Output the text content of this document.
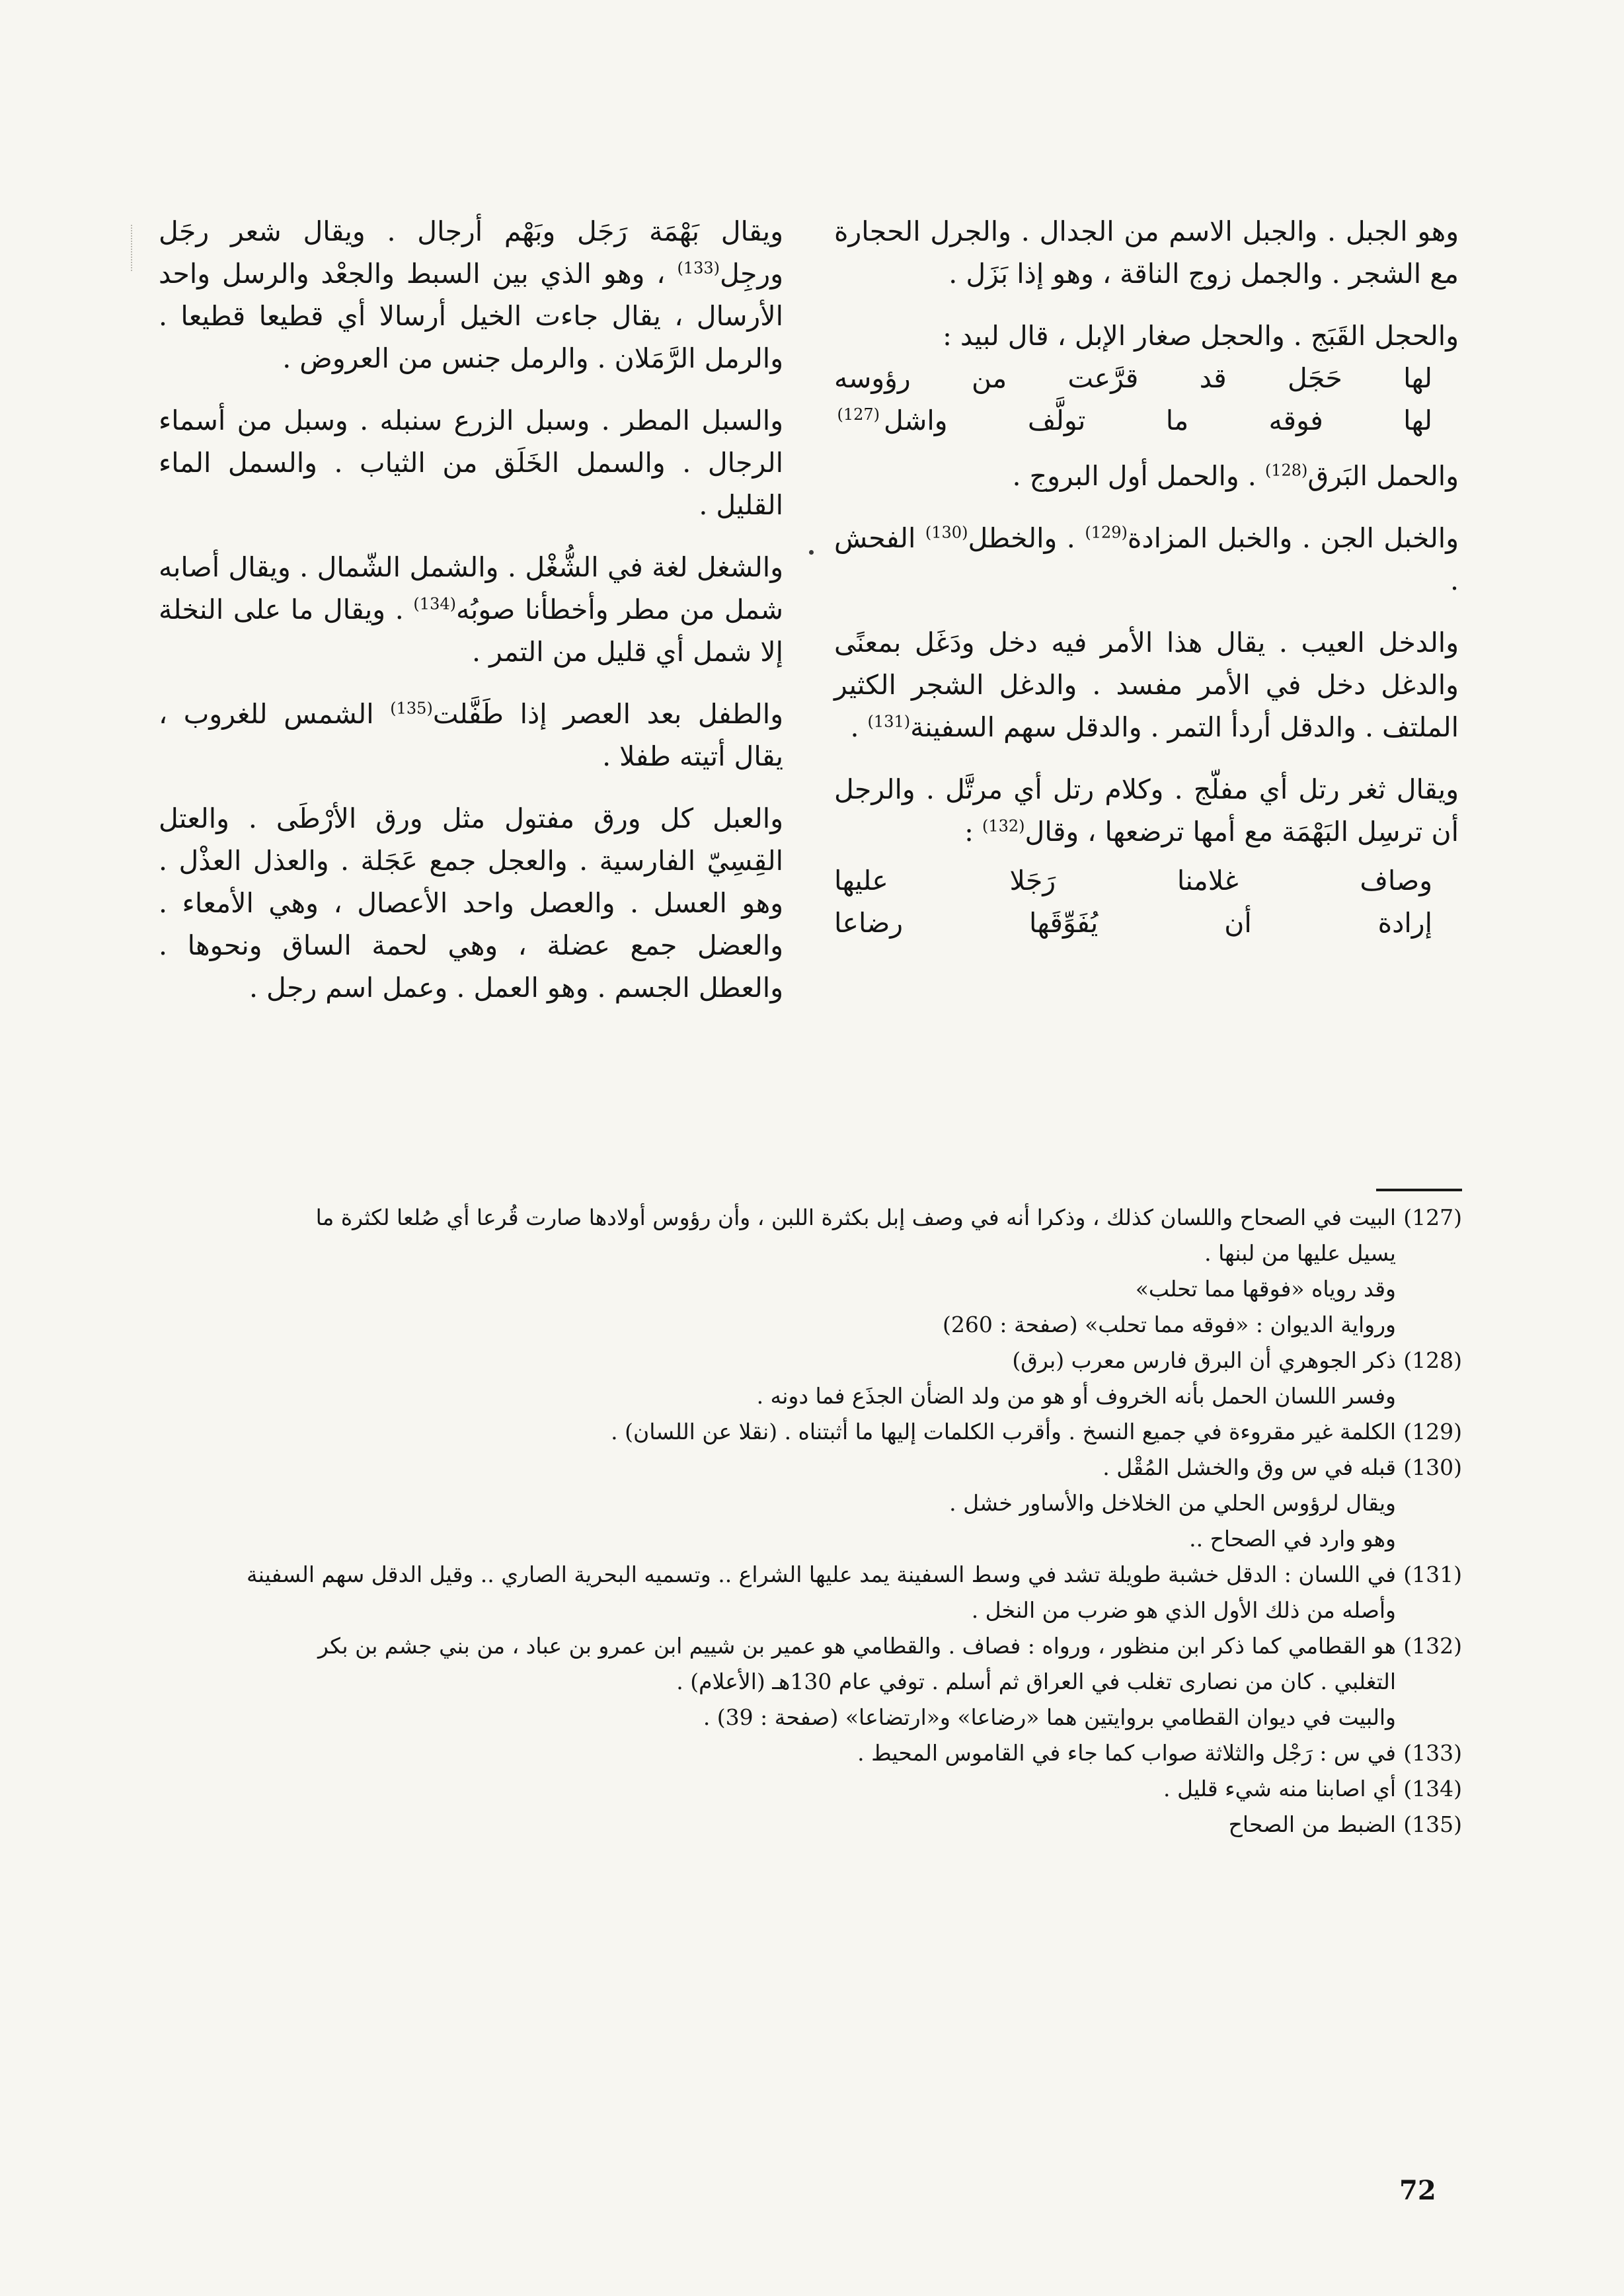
وهو الجبل . والجبل الاسم من الجدال . والجرل الحجارة مع الشجر . والجمل زوج الناقة ، وهو إذا بَزَل .

والحجل القَبَج . والحجل صغار الإبل ، قال لبيد :
لها حَجَل قد قرَّعت من رؤوسه
لها فوقه ما تولَّف واشل$^{(127)}$

والحمل البَرق$^{(128)}$ . والحمل أول البروج .

والخبل الجن . والخبل المزادة$^{(129)}$ . والخطل$^{(130)}$ الفحش .

والدخل العيب . يقال هذا الأمر فيه دخل ودَغَل بمعنًى والدغل دخل في الأمر مفسد . والدغل الشجر الكثير الملتف . والدقل أردأ التمر . والدقل سهم السفينة$^{(131)}$ .

ويقال ثغر رتل أي مفلّج . وكلام رتل أي مرتَّل . والرجل أن ترسِل البَهْمَة مع أمها ترضعها ، وقال$^{(132)}$ :

وصاف غلامنا رَجَلا عليها
إرادة أن يُفَوِّقَها رضاعا

ويقال بَهْمَة رَجَل وبَهْم أرجال . ويقال شعر رجَل ورجِل$^{(133)}$ ، وهو الذي بين السبط والجعْد والرسل واحد الأرسال ، يقال جاءت الخيل أرسالا أي قطيعا قطيعا . والرمل الرَّمَلان . والرمل جنس من العروض .

والسبل المطر . وسبل الزرع سنبله . وسبل من أسماء الرجال . والسمل الخَلَق من الثياب . والسمل الماء القليل .

والشغل لغة في الشُّغْل . والشمل الشّمال . ويقال أصابه شمل من مطر وأخطأنا صوبُه$^{(134)}$ . ويقال ما على النخلة إلا شمل أي قليل من التمر .

والطفل بعد العصر إذا طَفَّلت$^{(135)}$ الشمس للغروب ، يقال أتيته طفلا .

والعبل كل ورق مفتول مثل ورق الأرْطَى . والعتل القِسِيّ الفارسية . والعجل جمع عَجَلة . والعذل العذْل . وهو العسل . والعصل واحد الأعصال ، وهي الأمعاء . والعضل جمع عضلة ، وهي لحمة الساق ونحوها . والعطل الجسم . وهو العمل . وعمل اسم رجل .

(127)
البيت في الصحاح واللسان كذلك ، وذكرا أنه في وصف إبل بكثرة اللبن ، وأن رؤوس أولادها صارت قُرعا أي صُلعا لكثرة ما
يسيل عليها من لبنها .
وقد روياه «فوقها مما تحلب»
ورواية الديوان : «فوقه مما تحلب» (صفحة : 260)
(128)
ذكر الجوهري أن البرق فارس معرب (برق)
وفسر اللسان الحمل بأنه الخروف أو هو من ولد الضأن الجذَع فما دونه .
(129)
الكلمة غير مقروءة في جميع النسخ . وأقرب الكلمات إليها ما أثبتناه . (نقلا عن اللسان) .
(130)
قبله في س وق والخشل المُقْل .
ويقال لرؤوس الحلي من الخلاخل والأساور خشل .
وهو وارد في الصحاح ..
(131)
في اللسان : الدقل خشبة طويلة تشد في وسط السفينة يمد عليها الشراع .. وتسميه البحرية الصاري .. وقيل الدقل سهم السفينة
وأصله من ذلك الأول الذي هو ضرب من النخل .
(132)
هو القطامي كما ذكر ابن منظور ، ورواه : فصاف . والقطامي هو عمير بن شييم ابن عمرو بن عباد ، من بني جشم بن بكر
التغلبي . كان من نصارى تغلب في العراق ثم أسلم . توفي عام 130هـ (الأعلام) .
والبيت في ديوان القطامي بروايتين هما «رضاعا» و«ارتضاعا» (صفحة : 39) .
(133)
في س : رَجْل والثلاثة صواب كما جاء في القاموس المحيط .
(134)
أي اصابنا منه شيء قليل .
(135)
الضبط من الصحاح
72
